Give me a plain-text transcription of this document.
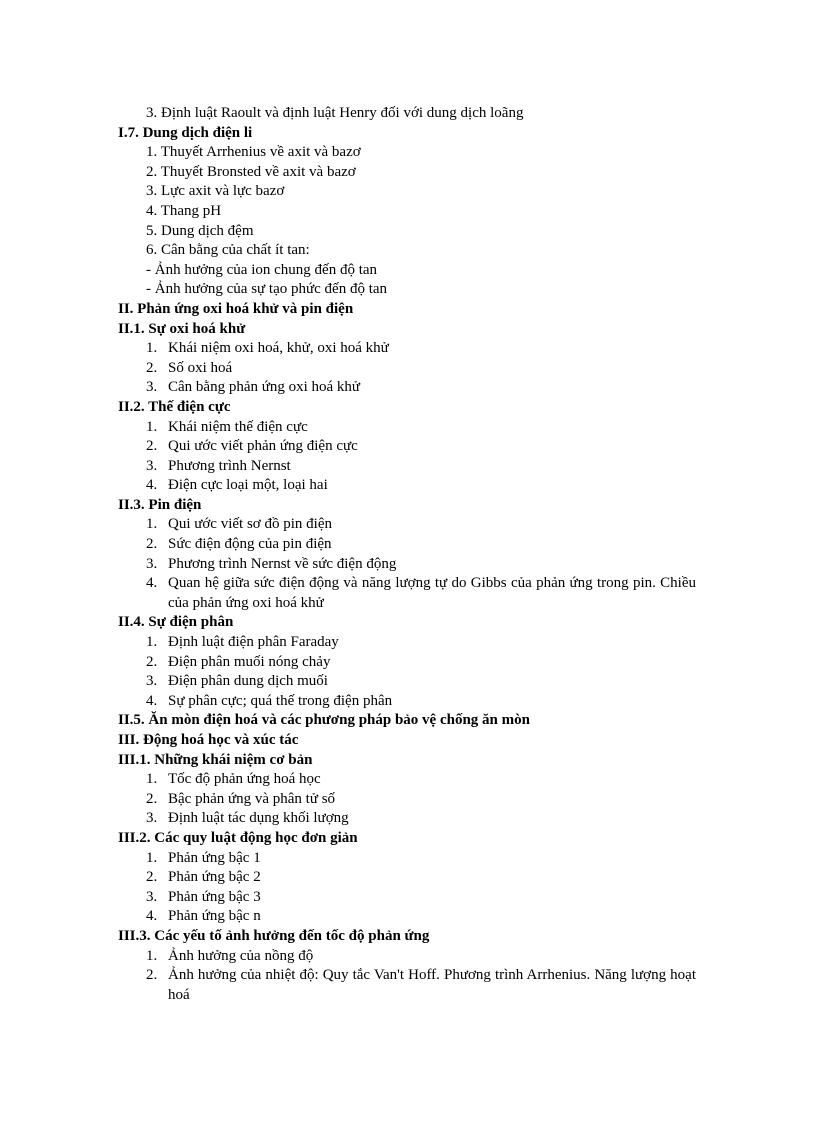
3. Định luật Raoult và định luật Henry đối với dung dịch loãng
I.7. Dung dịch điện li
1. Thuyết Arrhenius về axit và bazơ
2. Thuyết Bronsted về axit và bazơ
3. Lực axit và lực bazơ
4. Thang pH
5. Dung dịch đệm
6. Cân bằng của chất ít tan:
- Ảnh hưởng của ion chung đến độ tan
- Ảnh hưởng của sự tạo phức đến độ tan
II. Phản ứng oxi hoá khử và pin điện
II.1. Sự oxi hoá khử
1. Khái niệm oxi hoá, khử, oxi hoá khử
2. Số oxi hoá
3. Cân bằng phản ứng oxi hoá khử
II.2. Thế điện cực
1. Khái niệm thế điện cực
2. Qui ước viết phản ứng điện cực
3. Phương trình Nernst
4. Điện cực loại một, loại hai
II.3. Pin điện
1. Qui ước viết sơ đồ pin điện
2. Sức điện động của pin điện
3. Phương trình Nernst về sức điện động
4. Quan hệ giữa sức điện động và năng lượng tự do Gibbs của phản ứng trong pin. Chiều của phản ứng oxi hoá khử
II.4. Sự điện phân
1. Định luật điện phân Faraday
2. Điện phân muối nóng chảy
3. Điện phân dung dịch muối
4. Sự phân cực; quá thế trong điện phân
II.5. Ăn mòn điện hoá và các phương pháp bảo vệ chống ăn mòn
III. Động hoá học và xúc tác
III.1. Những khái niệm cơ bản
1. Tốc độ phản ứng hoá học
2. Bậc phản ứng và phân tử số
3. Định luật tác dụng khối lượng
III.2. Các quy luật động học đơn giản
1. Phản ứng bậc 1
2. Phản ứng bậc 2
3. Phản ứng bậc 3
4. Phản ứng bậc n
III.3. Các yếu tố ảnh hưởng đến tốc độ phản ứng
1. Ảnh hưởng của nồng độ
2. Ảnh hưởng của nhiệt độ: Quy tắc Van't Hoff. Phương trình Arrhenius. Năng lượng hoạt hoá
